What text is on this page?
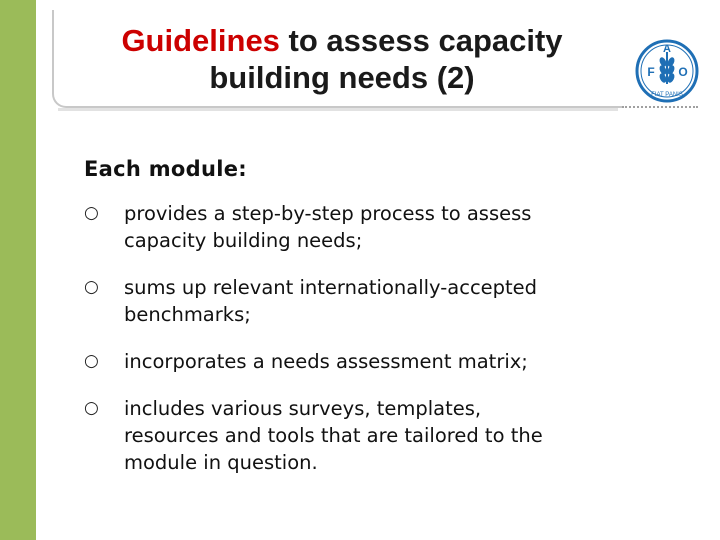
Guidelines to assess capacity
building needs (2)	F
A
O
FIAT PANIS
Each module:
○ provides a step-by-step process to assess
capacity building needs;
○ sums up relevant internationally-accepted
benchmarks;
○ incorporates a needs assessment matrix;
○ includes various surveys, templates,
resources and tools that are tailored to the
module in question.
